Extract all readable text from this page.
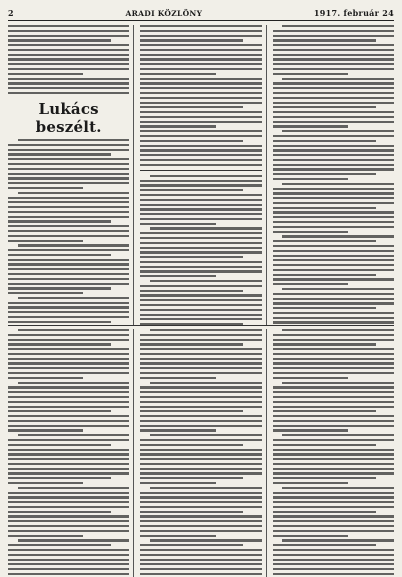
2	ARADI KÖZLÖNY	1917. február 24
Lukács beszélt.
